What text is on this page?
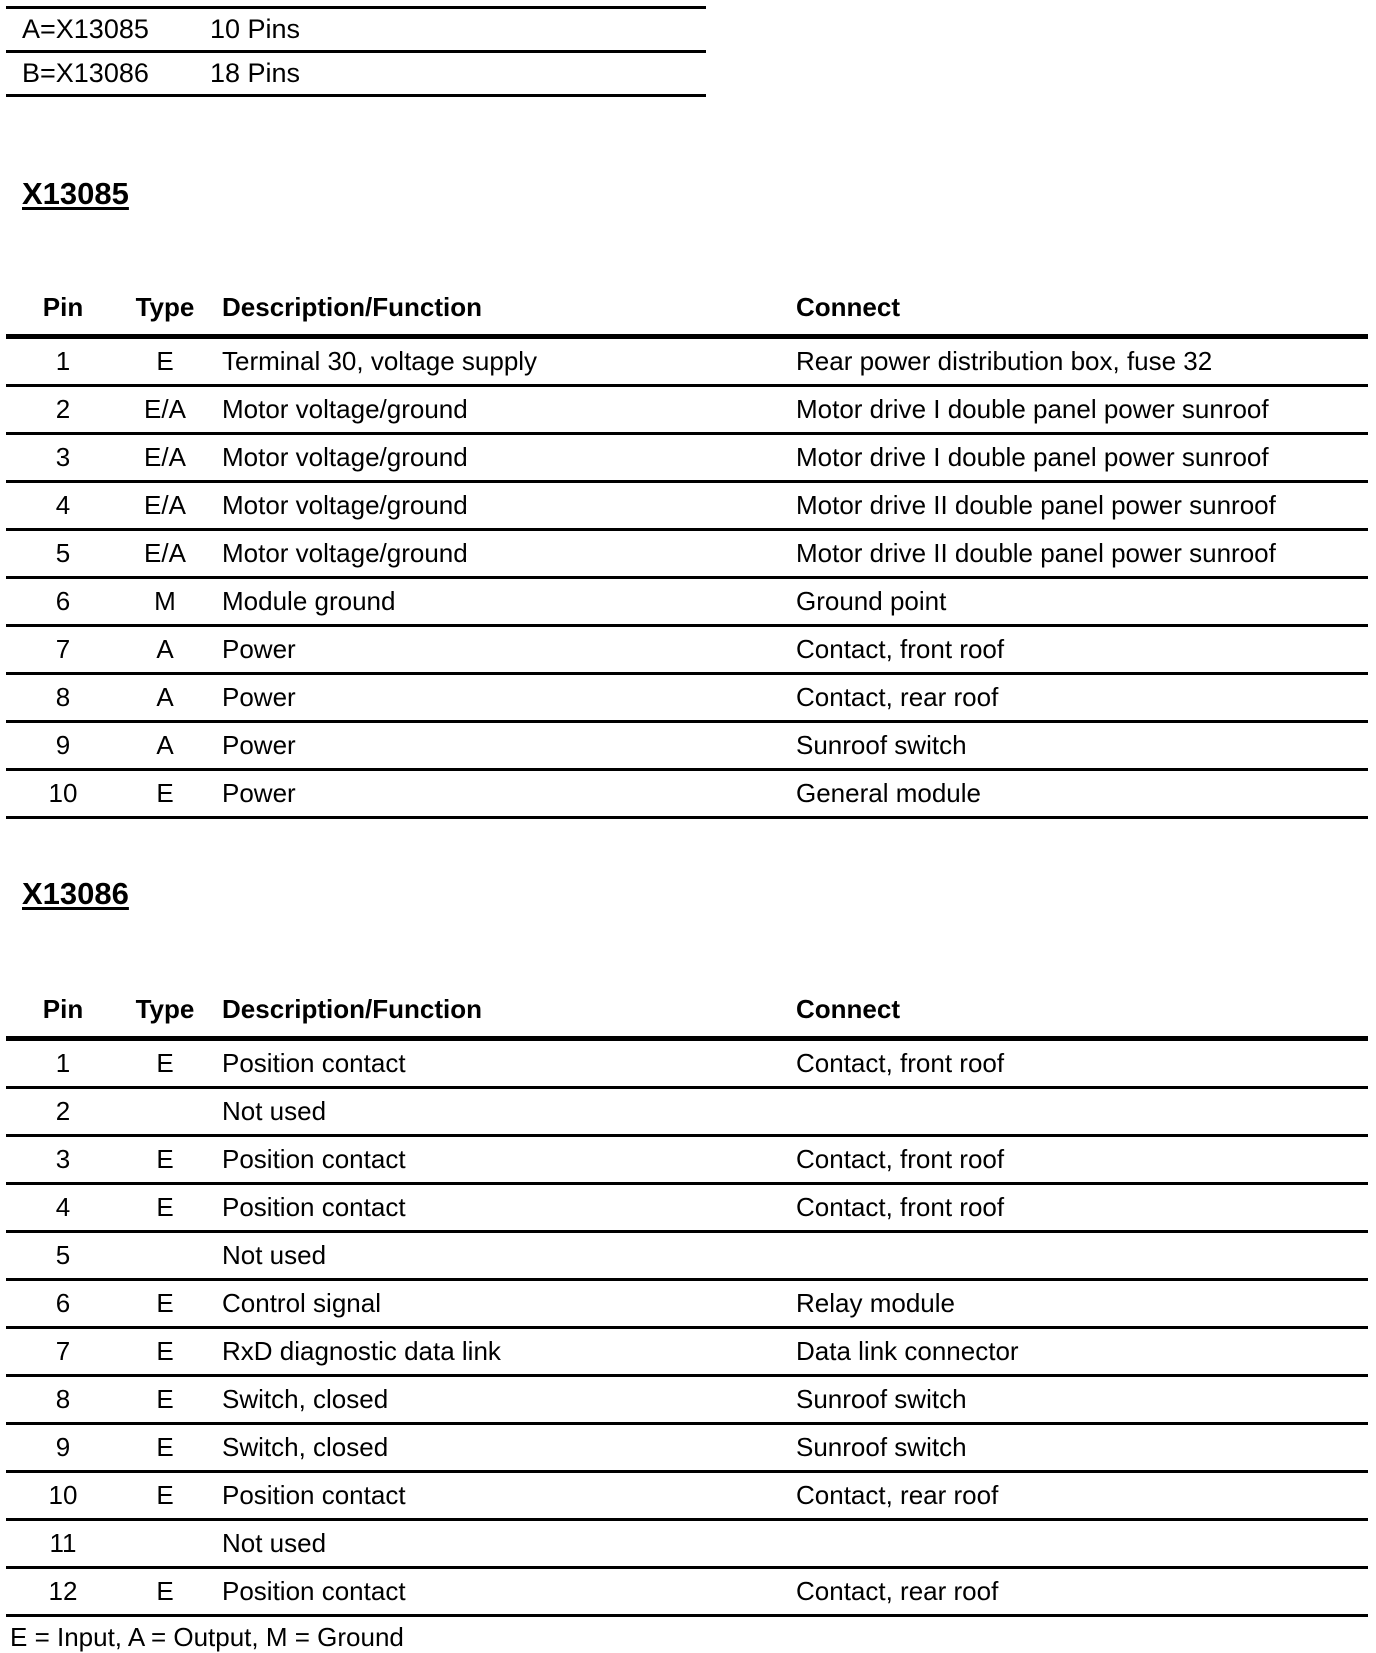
A=X13085	10 Pins
B=X13086	18 Pins
X13085
Pin	Type	Description/Function	Connect
1	E	Terminal 30, voltage supply	Rear power distribution box, fuse 32
2	E/A	Motor voltage/ground	Motor drive I double panel power sunroof
3	E/A	Motor voltage/ground	Motor drive I double panel power sunroof
4	E/A	Motor voltage/ground	Motor drive II double panel power sunroof
5	E/A	Motor voltage/ground	Motor drive II double panel power sunroof
6	M	Module ground	Ground point
7	A	Power	Contact, front roof
8	A	Power	Contact, rear roof
9	A	Power	Sunroof switch
10	E	Power	General module
X13086
Pin	Type	Description/Function	Connect
1	E	Position contact	Contact, front roof
2		Not used	
3	E	Position contact	Contact, front roof
4	E	Position contact	Contact, front roof
5		Not used	
6	E	Control signal	Relay module
7	E	RxD diagnostic data link	Data link connector
8	E	Switch, closed	Sunroof switch
9	E	Switch, closed	Sunroof switch
10	E	Position contact	Contact, rear roof
11		Not used	
12	E	Position contact	Contact, rear roof
E = Input, A = Output, M = Ground
